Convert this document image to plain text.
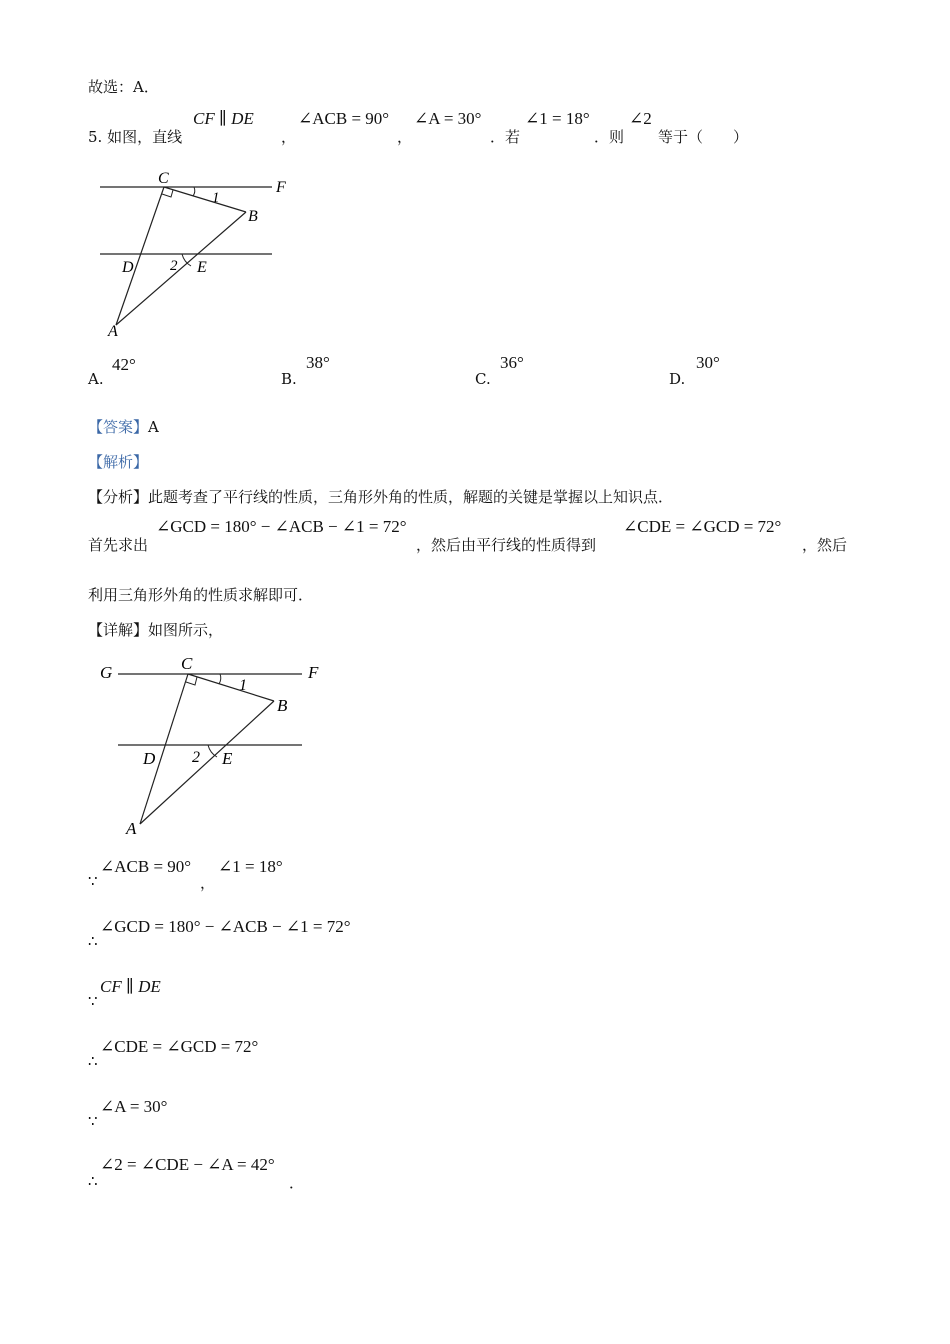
故选：A．
5. 如图，直线
CF ∥ DE
，
∠ACB = 90°
，
∠A = 30°
．若
∠1 = 18°
．则
∠2
等于（　　）
C
F
B
D	E
A
1
2
A.
42°
B.
38°
C.
36°
D.
30°
【答案】A
【解析】
【分析】此题考查了平行线的性质，三角形外角的性质，解题的关键是掌握以上知识点．
首先求出
∠GCD = 180° − ∠ACB − ∠1 = 72°
，然后由平行线的性质得到
∠CDE = ∠GCD = 72°
，然后
利用三角形外角的性质求解即可．
【详解】如图所示，
G	C	F
B
D	E
A
1
2
∵
∠ACB = 90°
，
∠1 = 18°
∴
∠GCD = 180° − ∠ACB − ∠1 = 72°
∵
CF ∥ DE
∴
∠CDE = ∠GCD = 72°
∵
∠A = 30°
∴
∠2 = ∠CDE − ∠A = 42°
．
